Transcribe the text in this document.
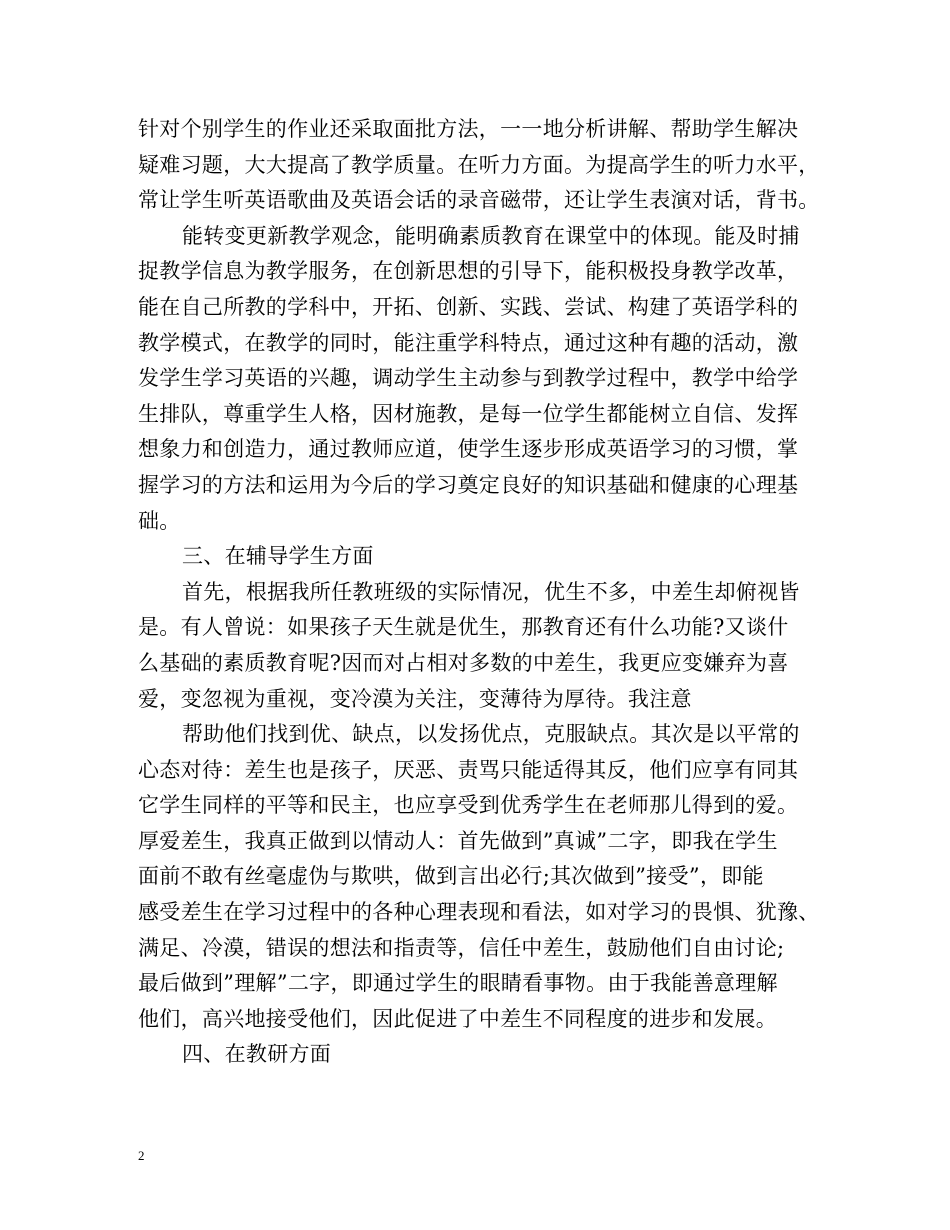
针对个别学生的作业还采取面批方法，一一地分析讲解、帮助学生解决
疑难习题，大大提高了教学质量。在听力方面。为提高学生的听力水平，
常让学生听英语歌曲及英语会话的录音磁带，还让学生表演对话，背书。
能转变更新教学观念，能明确素质教育在课堂中的体现。能及时捕
捉教学信息为教学服务，在创新思想的引导下，能积极投身教学改革，
能在自己所教的学科中，开拓、创新、实践、尝试、构建了英语学科的
教学模式，在教学的同时，能注重学科特点，通过这种有趣的活动，激
发学生学习英语的兴趣，调动学生主动参与到教学过程中，教学中给学
生排队，尊重学生人格，因材施教，是每一位学生都能树立自信、发挥
想象力和创造力，通过教师应道，使学生逐步形成英语学习的习惯，掌
握学习的方法和运用为今后的学习奠定良好的知识基础和健康的心理基
础。
三、在辅导学生方面
首先，根据我所任教班级的实际情况，优生不多，中差生却俯视皆
是。有人曾说：如果孩子天生就是优生，那教育还有什么功能?又谈什
么基础的素质教育呢?因而对占相对多数的中差生，我更应变嫌弃为喜
爱，变忽视为重视，变冷漠为关注，变薄待为厚待。我注意
帮助他们找到优、缺点，以发扬优点，克服缺点。其次是以平常的
心态对待：差生也是孩子，厌恶、责骂只能适得其反，他们应享有同其
它学生同样的平等和民主，也应享受到优秀学生在老师那儿得到的爱。
厚爱差生，我真正做到以情动人：首先做到”真诚”二字，即我在学生
面前不敢有丝毫虚伪与欺哄，做到言出必行;其次做到”接受”，即能
感受差生在学习过程中的各种心理表现和看法，如对学习的畏惧、犹豫、
满足、冷漠，错误的想法和指责等，信任中差生，鼓励他们自由讨论;
最后做到”理解”二字，即通过学生的眼睛看事物。由于我能善意理解
他们，高兴地接受他们，因此促进了中差生不同程度的进步和发展。
四、在教研方面
2
